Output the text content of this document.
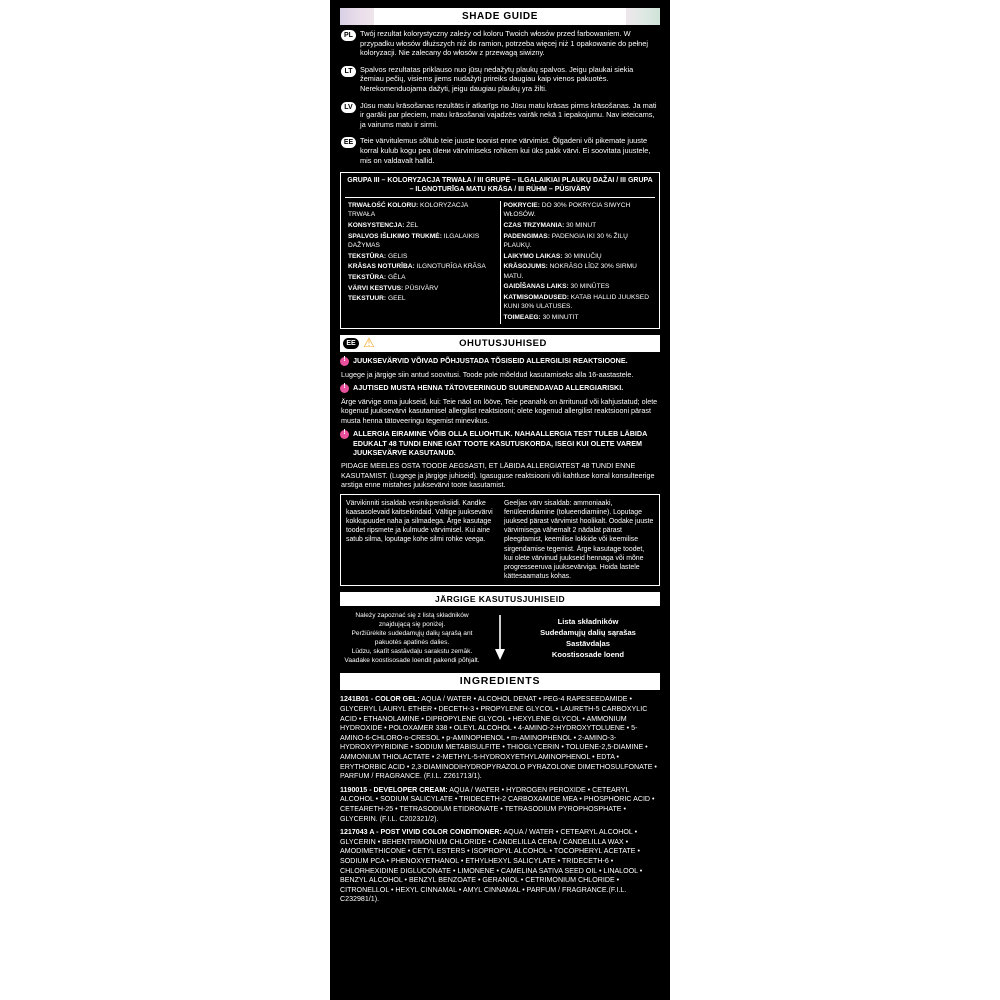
SHADE GUIDE
PL Twój rezultat kolorystyczny zależy od koloru Twoich włosów przed farbowaniem. W przypadku włosów dłuższych niż do ramion, potrzeba więcej niż 1 opakowanie do pełnej koloryzacji. Nie zalecany do włosów z przewagą siwizny.
LT	Spalvos rezultatas priklauso nuo jūsų nedažytų plaukų spalvos. Jeigu plaukai siekia žemiau pečių, visiems jiems nudažyti prireiks daugiau kaip vienos pakuotės. Nerekomenduojama dažyti, jeigu daugiau plaukų yra žilti.
LV Jūsu matu krāsošanas rezultāts ir atkarīgs no Jūsu matu krāsas pirms krāsošanas. Ja mati ir garāki par pleciem, matu krāsošanai vajadzēs vairāk nekā 1 iepakojumu. Nav ieteicams, ja vairums matu ir sirmi.
EE Teie värvitulemus sõltub teie juuste toonist enne värvimist. Õlgadeni või pikemate juuste korral kulub kogu pea ülени värvimiseks rohkem kui üks pakk värvi. Ei soovitata juustele, mis on valdavalt hallid.
GRUPA III – KOLORYZACJA TRWAŁA / III GRUPĖ – ILGALAIKIAI PLAUKŲ DAŽAI / III GRUPA – ILGNOTURĪGA MATU KRĀSA / III RÜHM – PÜSIVÄRV
TRWAŁOŚĆ KOLORU: KOLORYZACJA TRWAŁA
KONSYSTENCJA: ŻEL
SPALVOS IŠLIKIMO TRUKMĖ: ILGALAIKIS DAŽYMAS
TEKSTŪRA: GELIS
KRĀSAS NOTURĪBA: ILGNOTURĪGA KRĀSA
TEKSTŪRA: GĒLA
VÄRVI KESTVUS: PÜSIVÄRV
TEKSTUUR: GEEL
POKRYCIE: DO 30% POKRYCIA SIWYCH WŁOSÓW.
CZAS TRZYMANIA: 30 MINUT
PADENGIMAS: PADENGIA IKI 30 % ŽILŲ PLAUKŲ.
LAIKYMO LAIKAS: 30 MINUČIŲ
KRĀSOJUMS: NOKRĀSO LĪDZ 30% SIRMU MATU.
GAIDĪŠANAS LAIKS: 30 MINŪTES
KATMISOMADUSED: KATAB HALLID JUUKSED KUNI 30% ULATUSES.
TOIMEAEG: 30 MINUTIT
EE ⚠	OHUTUSJUHISED
!
JUUKSEVÄRVID VÕIVAD PÕHJUSTADA TÕSISEID ALLERGILISI REAKTSIOONE.
Lugege ja järgige siin antud soovitusi. Toode pole mõeldud kasutamiseks alla 16-aastastele.
!
AJUTISED MUSTA HENNA TÄTOVEERINGUD SUURENDAVAD ALLERGIARISKI.
Ärge värvige oma juukseid, kui: Teie näol on lööve, Teie peanahk on ärritunud või kahjustatud; olete kogenud juuksevärvi kasutamisel allergilist reaktsiooni; olete kogenud allergilist reaktsiooni pärast musta henna tätoveeringu tegemist minevikus.
!
ALLERGIA EIRAMINE VÕIB OLLA ELUOHTLIK. NAHAALLERGIA TEST TULEB LÄBIDA EDUKALT 48 TUNDI ENNE IGAT TOOTE KASUTUSKORDA, ISEGI KUI OLETE VAREM JUUKSEVÄRVE KASUTANUD.
PIDAGE MEELES OSTA TOODE AEGSASTI, ET LÄBIDA ALLERGIATEST 48 TUNDI ENNE KASUTAMIST. (Lugege ja järgige juhiseid). Igasuguse reaktsiooni või kahtluse korral konsulteerige arstiga enne mistahes juuksevärvi toote kasutamist.
Värvikinniti sisaldab vesinikperoksiidi. Kandke kaasasolevaid kaitsekindaid. Vältige juuksevärvi kokkupuudet naha ja silmadega. Ärge kasutage toodet ripsmete ja kulmude värvimisel. Kui aine satub silma, loputage kohe silmi rohke veega.
Geeljas värv sisaldab: ammoniaaki, fenüleendiamine (tolueendiamiine). Loputage juuksed pärast värvimist hoolikalt. Oodake juuste värvimisega vähemalt 2 nädalat pärast pleegitamist, keemilise lokkide või keemilise sirgendamise tegemist. Ärge kasutage toodet, kui olete värvinud juukseid hennaga või mõne progresseeruva juuksevärviga. Hoida lastele kättesaamatus kohas.
JÄRGIGE KASUTUSJUHISEID
Należy zapoznać się z listą składników znajdującą się poniżej.
Peržiūrėkite sudedamųjų dalių sąrašą ant pakuotės apatinės dalies.
Lūdzu, skatīt sastāvdaļu sarakstu zemāk.
Vaadake koostisosade loendit pakendi põhjalt.
Lista składników
Sudedamųjų dalių sąrašas
Sastāvdaļas
Koostisosade loend
INGREDIENTS

1241B01 - COLOR GEL: AQUA / WATER • ALCOHOL DENAT • PEG-4 RAPESEEDAMIDE • GLYCERYL LAURYL ETHER • DECETH-3 • PROPYLENE GLYCOL • LAURETH-5 CARBOXYLIC ACID • ETHANOLAMINE • DIPROPYLENE GLYCOL • HEXYLENE GLYCOL • AMMONIUM HYDROXIDE • POLOXAMER 338 • OLEYL ALCOHOL • 4-AMINO-2-HYDROXYTOLUENE • 5-AMINO-6-CHLORO-o-CRESOL • p-AMINOPHENOL • m-AMINOPHENOL • 2-AMINO-3-HYDROXYPYRIDINE • SODIUM METABISULFITE • THIOGLYCERIN • TOLUENE-2,5-DIAMINE • AMMONIUM THIOLACTATE • 2-METHYL-5-HYDROXYETHYLAMINOPHENOL • EDTA • ERYTHORBIC ACID • 2,3-DIAMINODIHYDROPYRAZOLO PYRAZOLONE DIMETHOSULFONATE • PARFUM / FRAGRANCE. (F.I.L. Z261713/1).

1190015 - DEVELOPER CREAM: AQUA / WATER • HYDROGEN PEROXIDE • CETEARYL ALCOHOL • SODIUM SALICYLATE • TRIDECETH-2 CARBOXAMIDE MEA • PHOSPHORIC ACID • CETEARETH-25 • TETRASODIUM ETIDRONATE • TETRASODIUM PYROPHOSPHATE • GLYCERIN. (F.I.L. C202321/2).

1217043 A - POST VIVID COLOR CONDITIONER: AQUA / WATER • CETEARYL ALCOHOL • GLYCERIN • BEHENTRIMONIUM CHLORIDE • CANDELILLA CERA / CANDELILLA WAX • AMODIMETHICONE • CETYL ESTERS • ISOPROPYL ALCOHOL • TOCOPHERYL ACETATE • SODIUM PCA • PHENOXYETHANOL • ETHYLHEXYL SALICYLATE • TRIDECETH-6 • CHLORHEXIDINE DIGLUCONATE • LIMONENE • CAMELINA SATIVA SEED OIL • LINALOOL • BENZYL ALCOHOL • BENZYL BENZOATE • GERANIOL • CETRIMONIUM CHLORIDE • CITRONELLOL • HEXYL CINNAMAL • AMYL CINNAMAL • PARFUM / FRAGRANCE.(F.I.L. C232981/1).
